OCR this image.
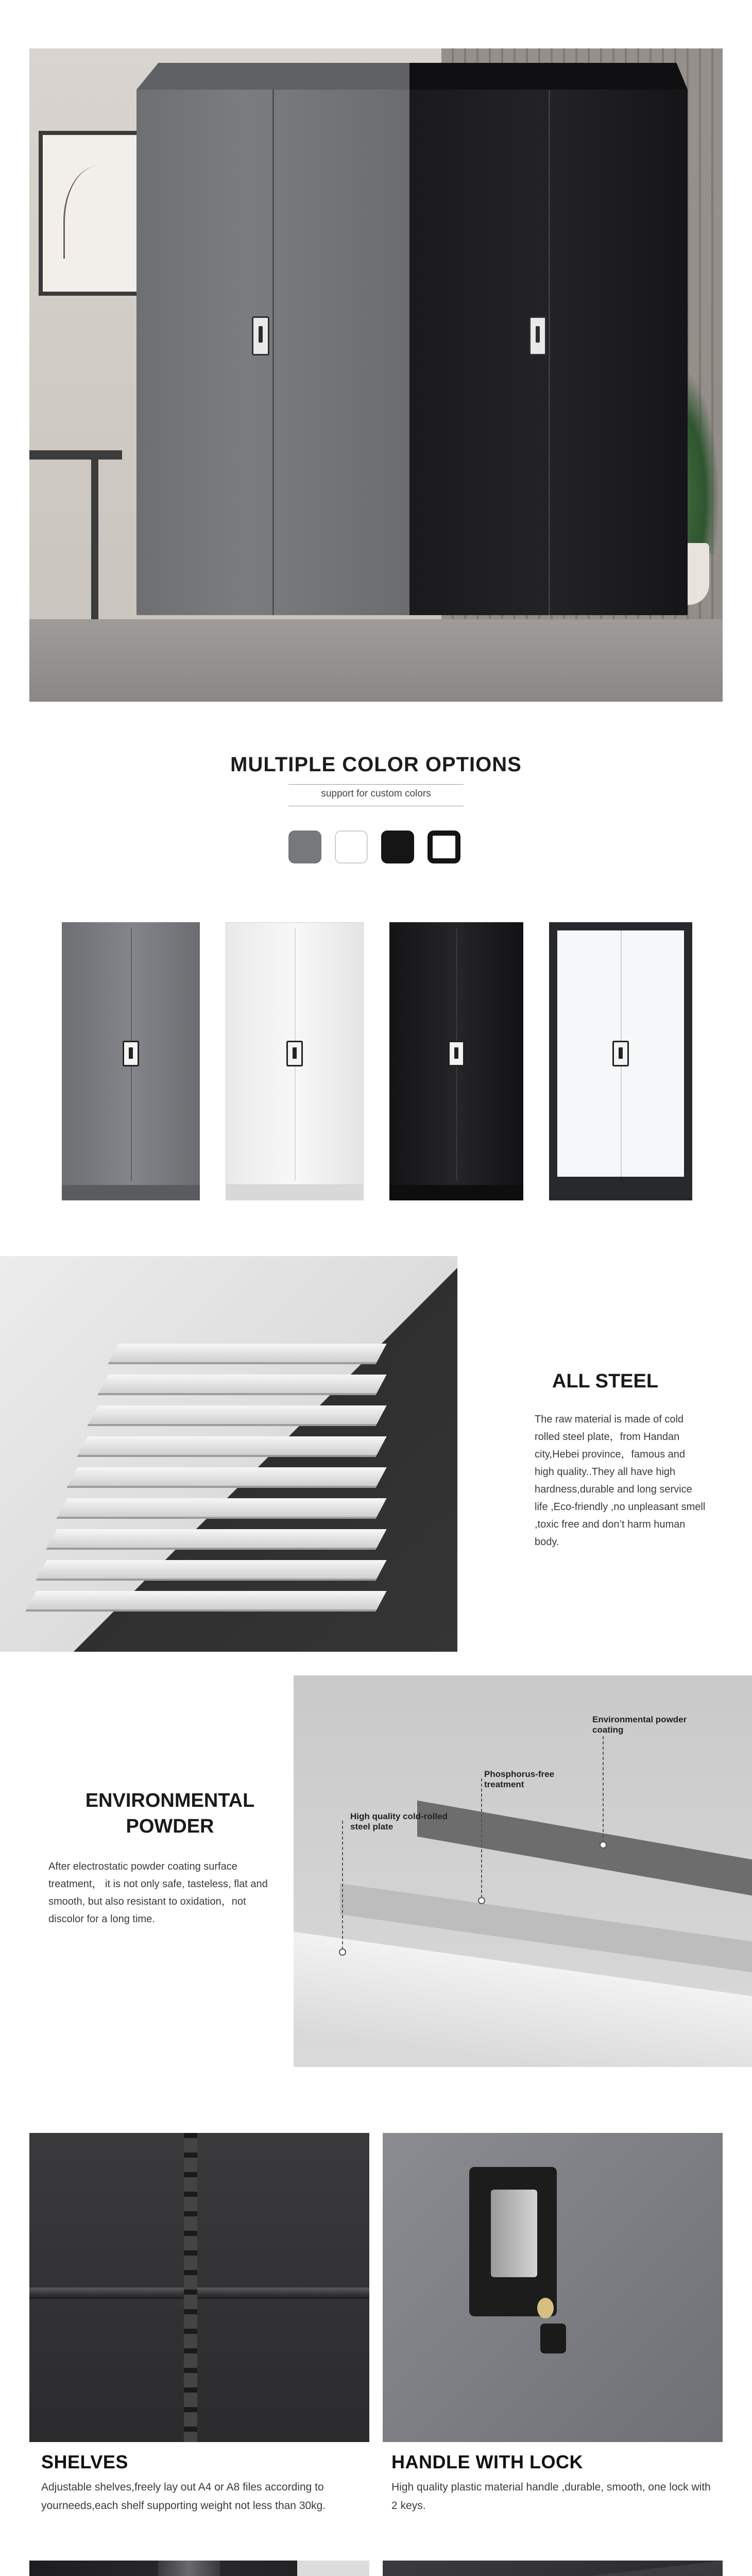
MULTIPLE COLOR OPTIONS
support for custom colors
ALL STEEL
The raw material is made of cold rolled steel plate，from Handan city,Hebei province，famous and high quality..They all have high hardness,durable and long service life ,Eco-friendly ,no unpleasant smell ,toxic free and don’t harm human body.
ENVIRONMENTAL POWDER
After electrostatic powder coating surface treatment， it is not only safe, tasteless, flat and smooth, but also resistant to oxidation，not discolor for a long time.
Environmental powder coating
Phosphorus-free treatment
High quality cold-rolled steel plate
SHELVES
Adjustable shelves,freely lay out A4 or A8 files according to yourneeds,each shelf supporting weight not less than 30kg.
HANDLE WITH LOCK
High quality plastic material handle ,durable, smooth, one lock with 2 keys.
